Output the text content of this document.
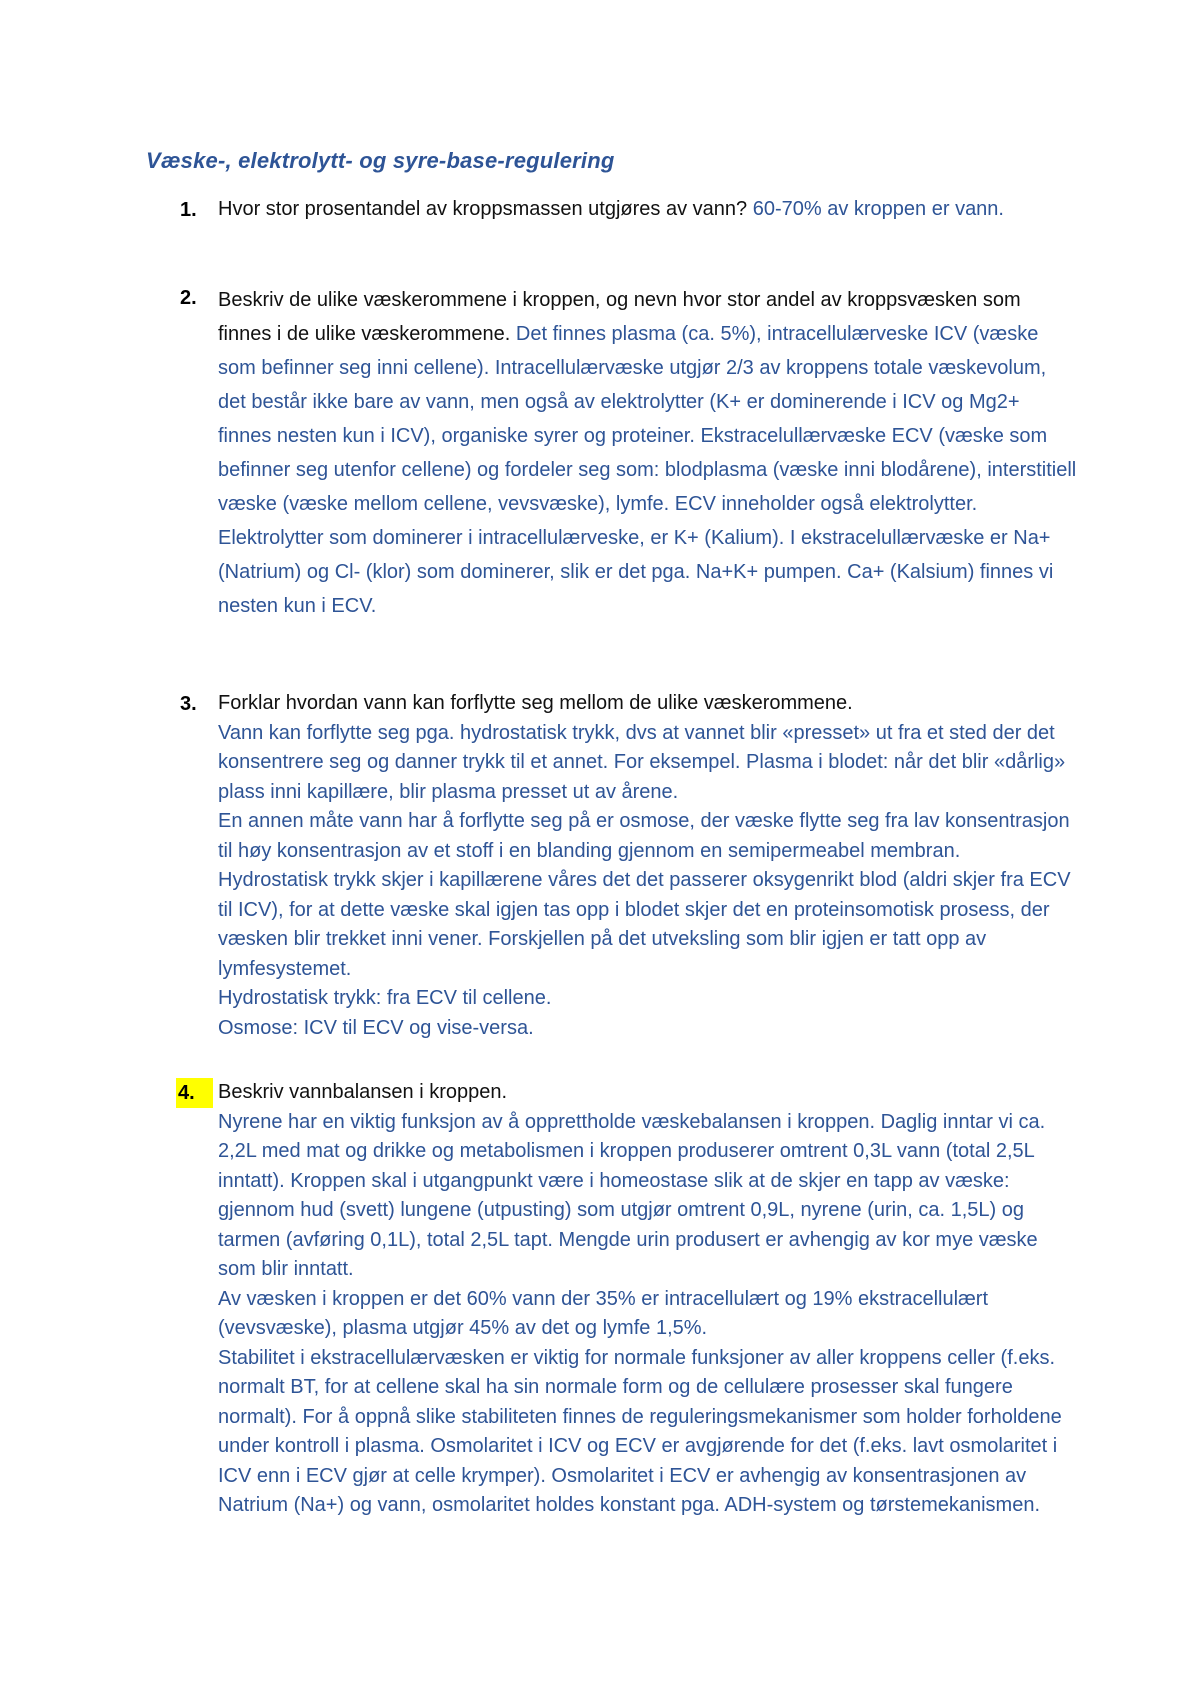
Væske-, elektrolytt- og syre-base-regulering
1. Hvor stor prosentandel av kroppsmassen utgjøres av vann? 60-70% av kroppen er vann.
2. Beskriv de ulike væskerommene i kroppen, og nevn hvor stor andel av kroppsvæsken som finnes i de ulike væskerommene. Det finnes plasma (ca. 5%), intracellulærveske ICV (væske som befinner seg inni cellene). Intracellulærvæske utgjør 2/3 av kroppens totale væskevolum, det består ikke bare av vann, men også av elektrolytter (K+ er dominerende i ICV og Mg2+ finnes nesten kun i ICV), organiske syrer og proteiner. Ekstracelullærvæske ECV (væske som befinner seg utenfor cellene) og fordeler seg som: blodplasma (væske inni blodårene), interstitiell væske (væske mellom cellene, vevsvæske), lymfe. ECV inneholder også elektrolytter.
Elektrolytter som dominerer i intracellulærveske, er K+ (Kalium). I ekstracelullærvæske er Na+ (Natrium) og Cl- (klor) som dominerer, slik er det pga. Na+K+ pumpen. Ca+ (Kalsium) finnes vi nesten kun i ECV.
3. Forklar hvordan vann kan forflytte seg mellom de ulike væskerommene.
Vann kan forflytte seg pga. hydrostatisk trykk, dvs at vannet blir «presset» ut fra et sted der det konsentrere seg og danner trykk til et annet. For eksempel. Plasma i blodet: når det blir «dårlig» plass inni kapillære, blir plasma presset ut av årene.
En annen måte vann har å forflytte seg på er osmose, der væske flytte seg fra lav konsentrasjon til høy konsentrasjon av et stoff i en blanding gjennom en semipermeabel membran.
Hydrostatisk trykk skjer i kapillærene våres det det passerer oksygenrikt blod (aldri skjer fra ECV til ICV), for at dette væske skal igjen tas opp i blodet skjer det en proteinsomotisk prosess, der væsken blir trekket inni vener. Forskjellen på det utveksling som blir igjen er tatt opp av lymfesystemet.
Hydrostatisk trykk: fra ECV til cellene.
Osmose: ICV til ECV og vise-versa.
4.	Beskriv vannbalansen i kroppen.
Nyrene har en viktig funksjon av å opprettholde væskebalansen i kroppen. Daglig inntar vi ca. 2,2L med mat og drikke og metabolismen i kroppen produserer omtrent 0,3L vann (total 2,5L inntatt). Kroppen skal i utgangpunkt være i homeostase slik at de skjer en tapp av væske: gjennom hud (svett) lungene (utpusting) som utgjør omtrent 0,9L, nyrene (urin, ca. 1,5L) og tarmen (avføring 0,1L), total 2,5L tapt. Mengde urin produsert er avhengig av kor mye væske som blir inntatt.
Av væsken i kroppen er det 60% vann der 35% er intracellulært og 19% ekstracellulært (vevsvæske), plasma utgjør 45% av det og lymfe 1,5%.
Stabilitet i ekstracellulærvæsken er viktig for normale funksjoner av aller kroppens celler (f.eks. normalt BT, for at cellene skal ha sin normale form og de cellulære prosesser skal fungere normalt). For å oppnå slike stabiliteten finnes de reguleringsmekanismer som holder forholdene under kontroll i plasma. Osmolaritet i ICV og ECV er avgjørende for det (f.eks. lavt osmolaritet i ICV enn i ECV gjør at celle krymper). Osmolaritet i ECV er avhengig av konsentrasjonen av Natrium (Na+) og vann, osmolaritet holdes konstant pga. ADH-system og tørstemekanismen.
